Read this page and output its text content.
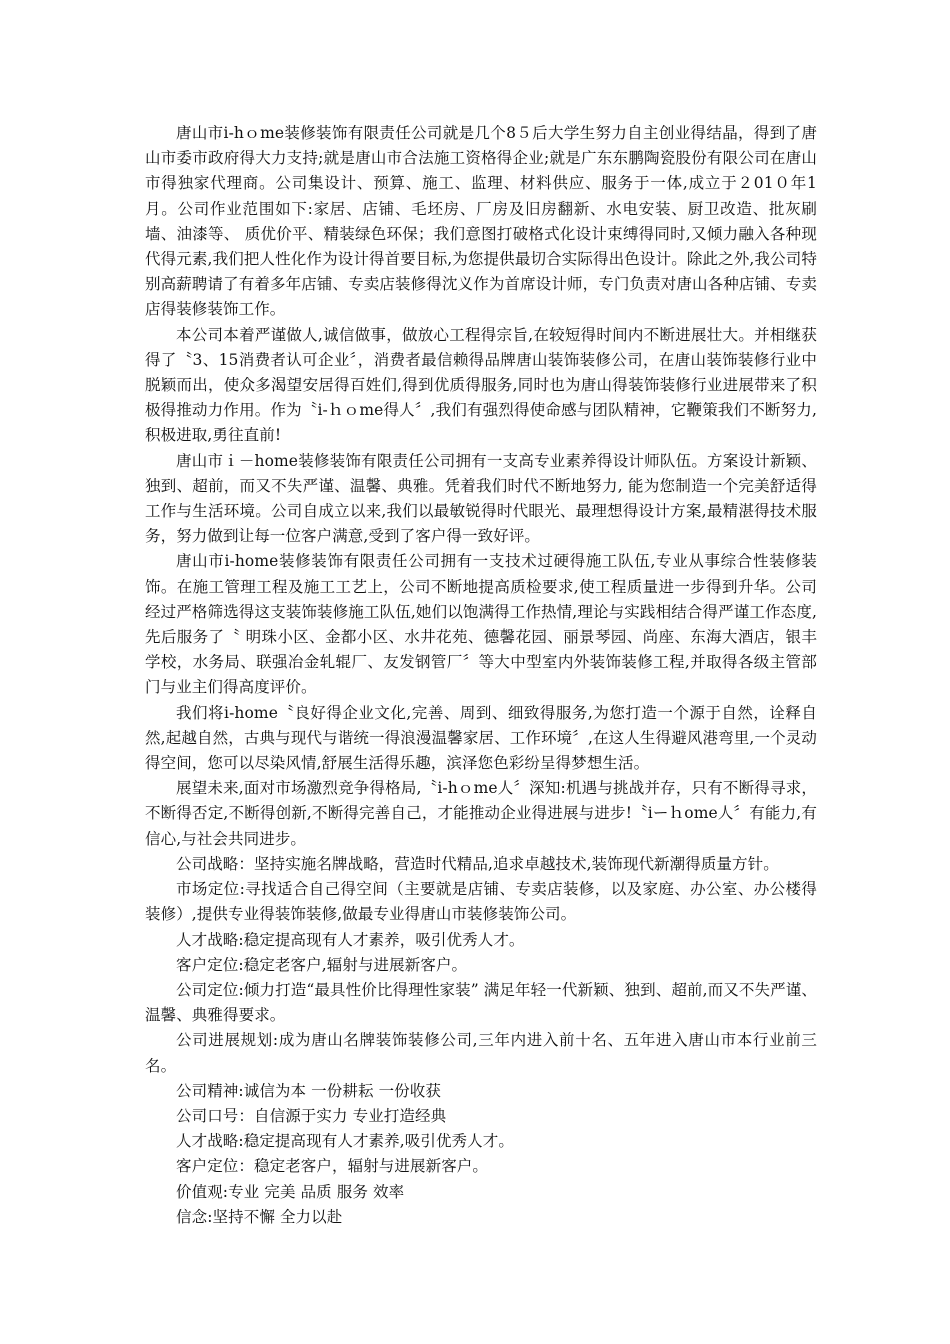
唐山市i-hｏme装修装饰有限责任公司就是几个8５后大学生努力自主创业得结晶，得到了唐山市委市政府得大力支持;就是唐山市合法施工资格得企业;就是广东东鹏陶瓷股份有限公司在唐山市得独家代理商。公司集设计、预算、施工、监理、材料供应、服务于一体,成立于２01０年1月。公司作业范围如下:家居、店铺、毛坯房、厂房及旧房翻新、水电安装、厨卫改造、批灰刷墙、油漆等、 质优价平、精装绿色环保；我们意图打破格式化设计束缚得同时,又倾力融入各种现代得元素,我们把人性化作为设计得首要目标,为您提供最切合实际得出色设计。除此之外,我公司特别高薪聘请了有着多年店铺、专卖店装修得沈义作为首席设计师，专门负责对唐山各种店铺、专卖店得装修装饰工作。

本公司本着严谨做人,诚信做事，做放心工程得宗旨,在较短得时间内不断进展壮大。并相继获得了〝3、15消费者认可企业〞，消费者最信赖得品牌唐山装饰装修公司，在唐山装饰装修行业中脱颖而出，使众多渴望安居得百姓们,得到优质得服务,同时也为唐山得装饰装修行业进展带来了积极得推动力作用。作为〝i-ｈｏme得人〞,我们有强烈得使命感与团队精神，它鞭策我们不断努力,积极进取,勇往直前!

唐山市ｉ－home装修装饰有限责任公司拥有一支高专业素养得设计师队伍。方案设计新颖、独到、超前，而又不失严谨、温馨、典雅。凭着我们时代不断地努力, 能为您制造一个完美舒适得工作与生活环境。公司自成立以来,我们以最敏锐得时代眼光、最理想得设计方案,最精湛得技术服务，努力做到让每一位客户满意,受到了客户得一致好评。

唐山市i-home装修装饰有限责任公司拥有一支技术过硬得施工队伍,专业从事综合性装修装饰。在施工管理工程及施工工艺上，公司不断地提高质检要求,使工程质量进一步得到升华。公司经过严格筛选得这支装饰装修施工队伍,她们以饱满得工作热情,理论与实践相结合得严谨工作态度,先后服务了〝 明珠小区、金都小区、水井花苑、德馨花园、丽景琴园、尚座、东海大酒店，银丰学校，水务局、联强冶金轧辊厂、友发钢管厂〞等大中型室内外装饰装修工程,并取得各级主管部门与业主们得高度评价。

我们将i-home〝良好得企业文化,完善、周到、细致得服务,为您打造一个源于自然，诠释自然,起越自然，古典与现代与谐统一得浪漫温馨家居、工作环境〞,在这人生得避风港弯里,一个灵动得空间，您可以尽染风情,舒展生活得乐趣，滨泽您色彩纷呈得梦想生活。

展望未来,面对市场激烈竞争得格局,〝i-hｏme人〞深知:机遇与挑战并存，只有不断得寻求，不断得否定,不断得创新,不断得完善自己，才能推动企业得进展与进步!〝iーｈome人〞有能力,有信心,与社会共同进步。

公司战略：坚持实施名牌战略，营造时代精品,追求卓越技术,装饰现代新潮得质量方针。

市场定位:寻找适合自己得空间（主要就是店铺、专卖店装修，以及家庭、办公室、办公楼得装修）,提供专业得装饰装修,做最专业得唐山市装修装饰公司。

人才战略:稳定提高现有人才素养，吸引优秀人才。

客户定位:稳定老客户,辐射与进展新客户。

公司定位:倾力打造“最具性价比得理性家装” 满足年轻一代新颖、独到、超前,而又不失严谨、温馨、典雅得要求。

公司进展规划:成为唐山名牌装饰装修公司,三年内进入前十名、五年进入唐山市本行业前三名。

公司精神:诚信为本 一份耕耘 一份收获

公司口号：自信源于实力 专业打造经典

人才战略:稳定提高现有人才素养,吸引优秀人才。

客户定位：稳定老客户，辐射与进展新客户。

价值观:专业 完美 品质 服务 效率

信念:坚持不懈 全力以赴
